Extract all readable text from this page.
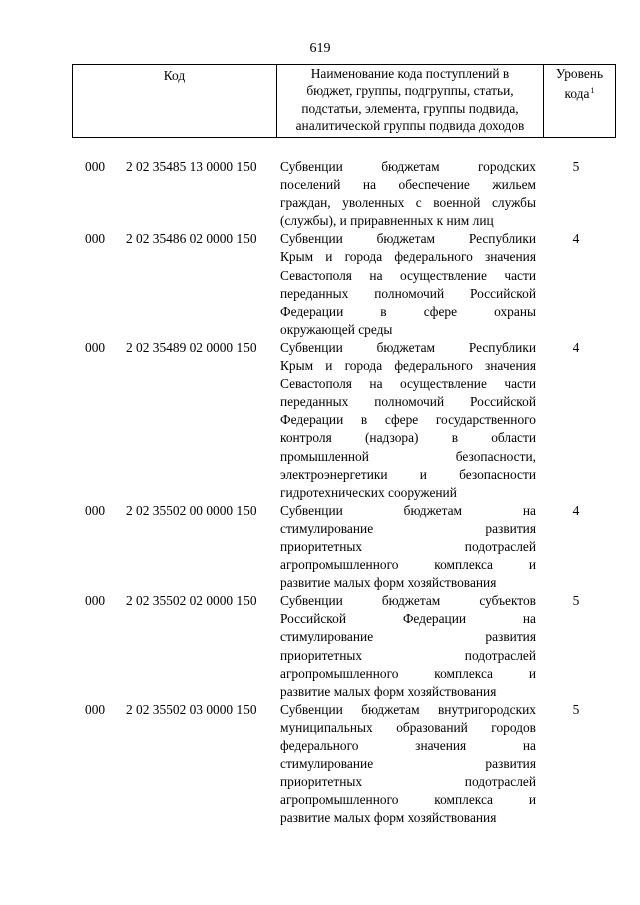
619
Код	Наименование кода поступлений в
бюджет, группы, подгруппы, статьи,
подстатьи, элемента, группы подвида,
аналитической группы подвида доходов

Уровень
кода$^1$
000	2 02 35485 13 0000 150	Субвенции бюджетам городских
поселений на обеспечение жильем
граждан, уволенных с военной службы
(службы), и приравненных к ним лиц
5
000	2 02 35486 02 0000 150	Субвенции бюджетам Республики
Крым и города федерального значения
Севастополя на осуществление части
переданных полномочий Российской
Федерации в сфере охраны
окружающей среды
4
000	2 02 35489 02 0000 150	Субвенции бюджетам Республики
Крым и города федерального значения
Севастополя на осуществление части
переданных полномочий Российской
Федерации в сфере государственного
контроля (надзора) в области
промышленной безопасности,
электроэнергетики и безопасности
гидротехнических сооружений
4
000	2 02 35502 00 0000 150	Субвенции бюджетам на
стимулирование развития
приоритетных подотраслей
агропромышленного комплекса и
развитие малых форм хозяйствования
4
000	2 02 35502 02 0000 150	Субвенции бюджетам субъектов
Российской Федерации на
стимулирование развития
приоритетных подотраслей
агропромышленного комплекса и
развитие малых форм хозяйствования
5
000	2 02 35502 03 0000 150	Субвенции бюджетам внутригородских
муниципальных образований городов
федерального значения на
стимулирование развития
приоритетных подотраслей
агропромышленного комплекса и
развитие малых форм хозяйствования
5
